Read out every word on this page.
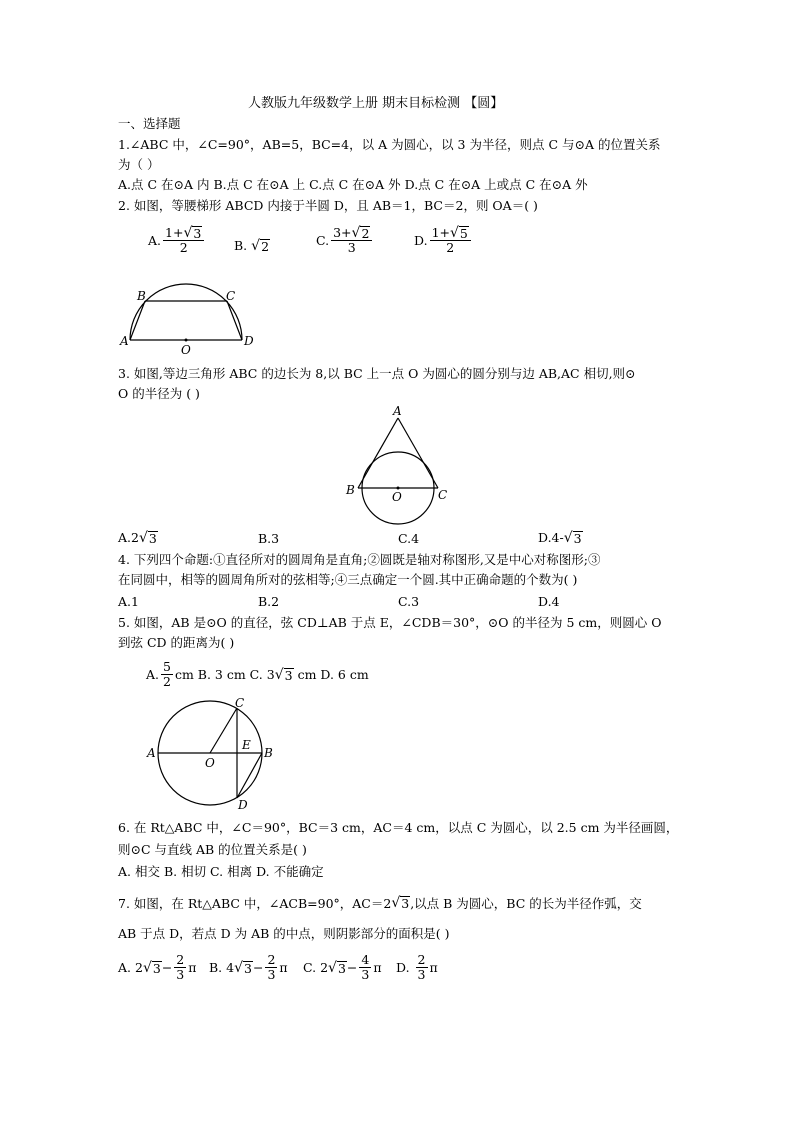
人教版九年级数学上册 期末目标检测 【圆】
一、选择题
1.∠ABC 中，∠C=90°，AB=5，BC=4，以 A 为圆心，以 3 为半径，则点 C 与⊙A 的位置关系
为（ ）
A.点 C 在⊙A 内 B.点 C 在⊙A 上 C.点 C 在⊙A 外 D.点 C 在⊙A 上或点 C 在⊙A 外
2. 如图，等腰梯形 ABCD 内接于半圆 D，且 AB＝1，BC＝2，则 OA＝( )
A. $\frac{1+ √ 3}{2} B$.
√ 2	C. $\frac{3+ √ 2}{3}$	D. $\frac{1+ √ 5}{2}$
A
B	C
D
O
3. 如图,等边三角形 ABC 的边长为 8,以 BC 上一点 O 为圆心的圆分别与边 AB,AC 相切,则⊙
O 的半径为 ( )
A
B	C
O
A.2 √ 3	B.3	C.4	D.4- √ 3
4. 下列四个命题:①直径所对的圆周角是直角;②圆既是轴对称图形,又是中心对称图形;③
在同圆中，相等的圆周角所对的弦相等;④三点确定一个圆.其中正确命题的个数为( )
A.1	B.2	C.3	D.4
5. 如图，AB 是⊙O 的直径，弦 CD⊥AB 于点 E，∠CDB＝30°，⊙O 的半径为 5 cm，则圆心 O
到弦 CD 的距离为( )
A. $\frac{5}{2}$ cm B. 3 cm C. 3 √ 3
cm D. 6 cm
A	B
C
D
E
O
6. 在 Rt△ABC 中，∠C＝90°，BC＝3 cm，AC＝4 cm，以点 C 为圆心，以 2.5 cm 为半径画圆，
则⊙C 与直线 AB 的位置关系是( )
A. 相交 B. 相切 C. 相离 D. 不能确定
7. 如图，在 Rt△ABC 中，∠ACB=90°，AC＝2 √ 3 ,以点 B 为圆心，BC 的长为半径作弧，交
AB 于点 D，若点 D 为 AB 的中点，则阴影部分的面积是( )
A. 2 √ $3 - \frac{2}{3}$ π B. 4 √ $3 - \frac{2}{3}$ π C. 2 √ $3 - \frac{4}{3}$ π D.
$\frac{2}{3}$ π
